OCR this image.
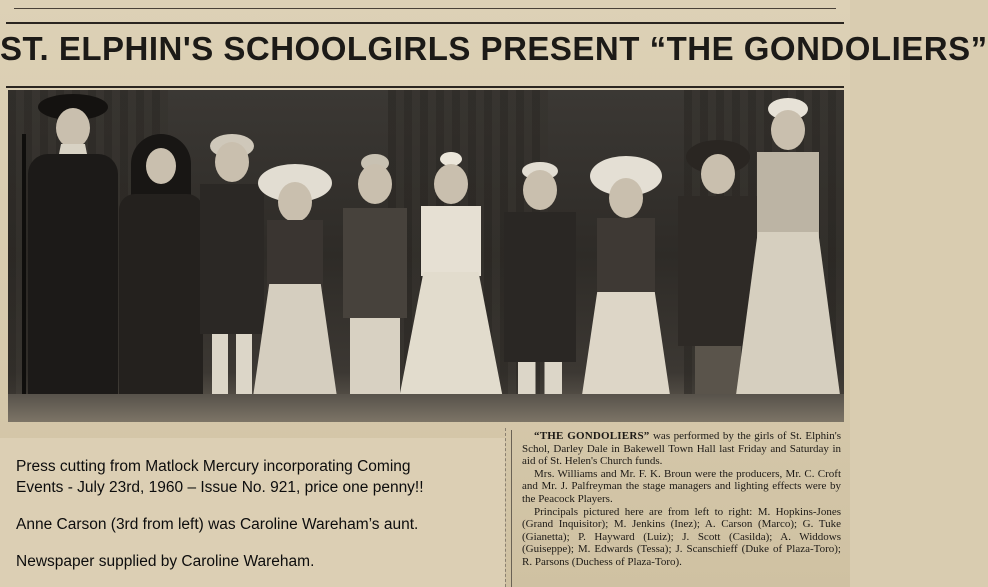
ST. ELPHIN'S SCHOOLGIRLS PRESENT “THE GONDOLIERS”
Press cutting from Matlock Mercury incorporating Coming
Events - July 23rd, 1960 – Issue No. 921, price one penny!!
Anne Carson (3rd from left) was Caroline Wareham’s aunt.
Newspaper supplied by Caroline Wareham.

“THE GONDOLIERS” was performed by the girls of St. Elphin's Schol, Darley Dale in Bakewell Town Hall last Friday and Saturday in aid of St. Helen's Church funds.

Mrs. Williams and Mr. F. K. Broun were the producers, Mr. C. Croft and Mr. J. Palfreyman the stage managers and lighting effects were by the Peacock Players.

Principals pictured here are from left to right: M. Hopkins-Jones (Grand Inquisitor); M. Jenkins (Inez); A. Carson (Marco); G. Tuke (Gianetta); P. Hayward (Luiz); J. Scott (Casilda); A. Widdows (Guiseppe); M. Edwards (Tessa); J. Scanschieff (Duke of Plaza-Toro); R. Parsons (Duchess of Plaza-Toro).
